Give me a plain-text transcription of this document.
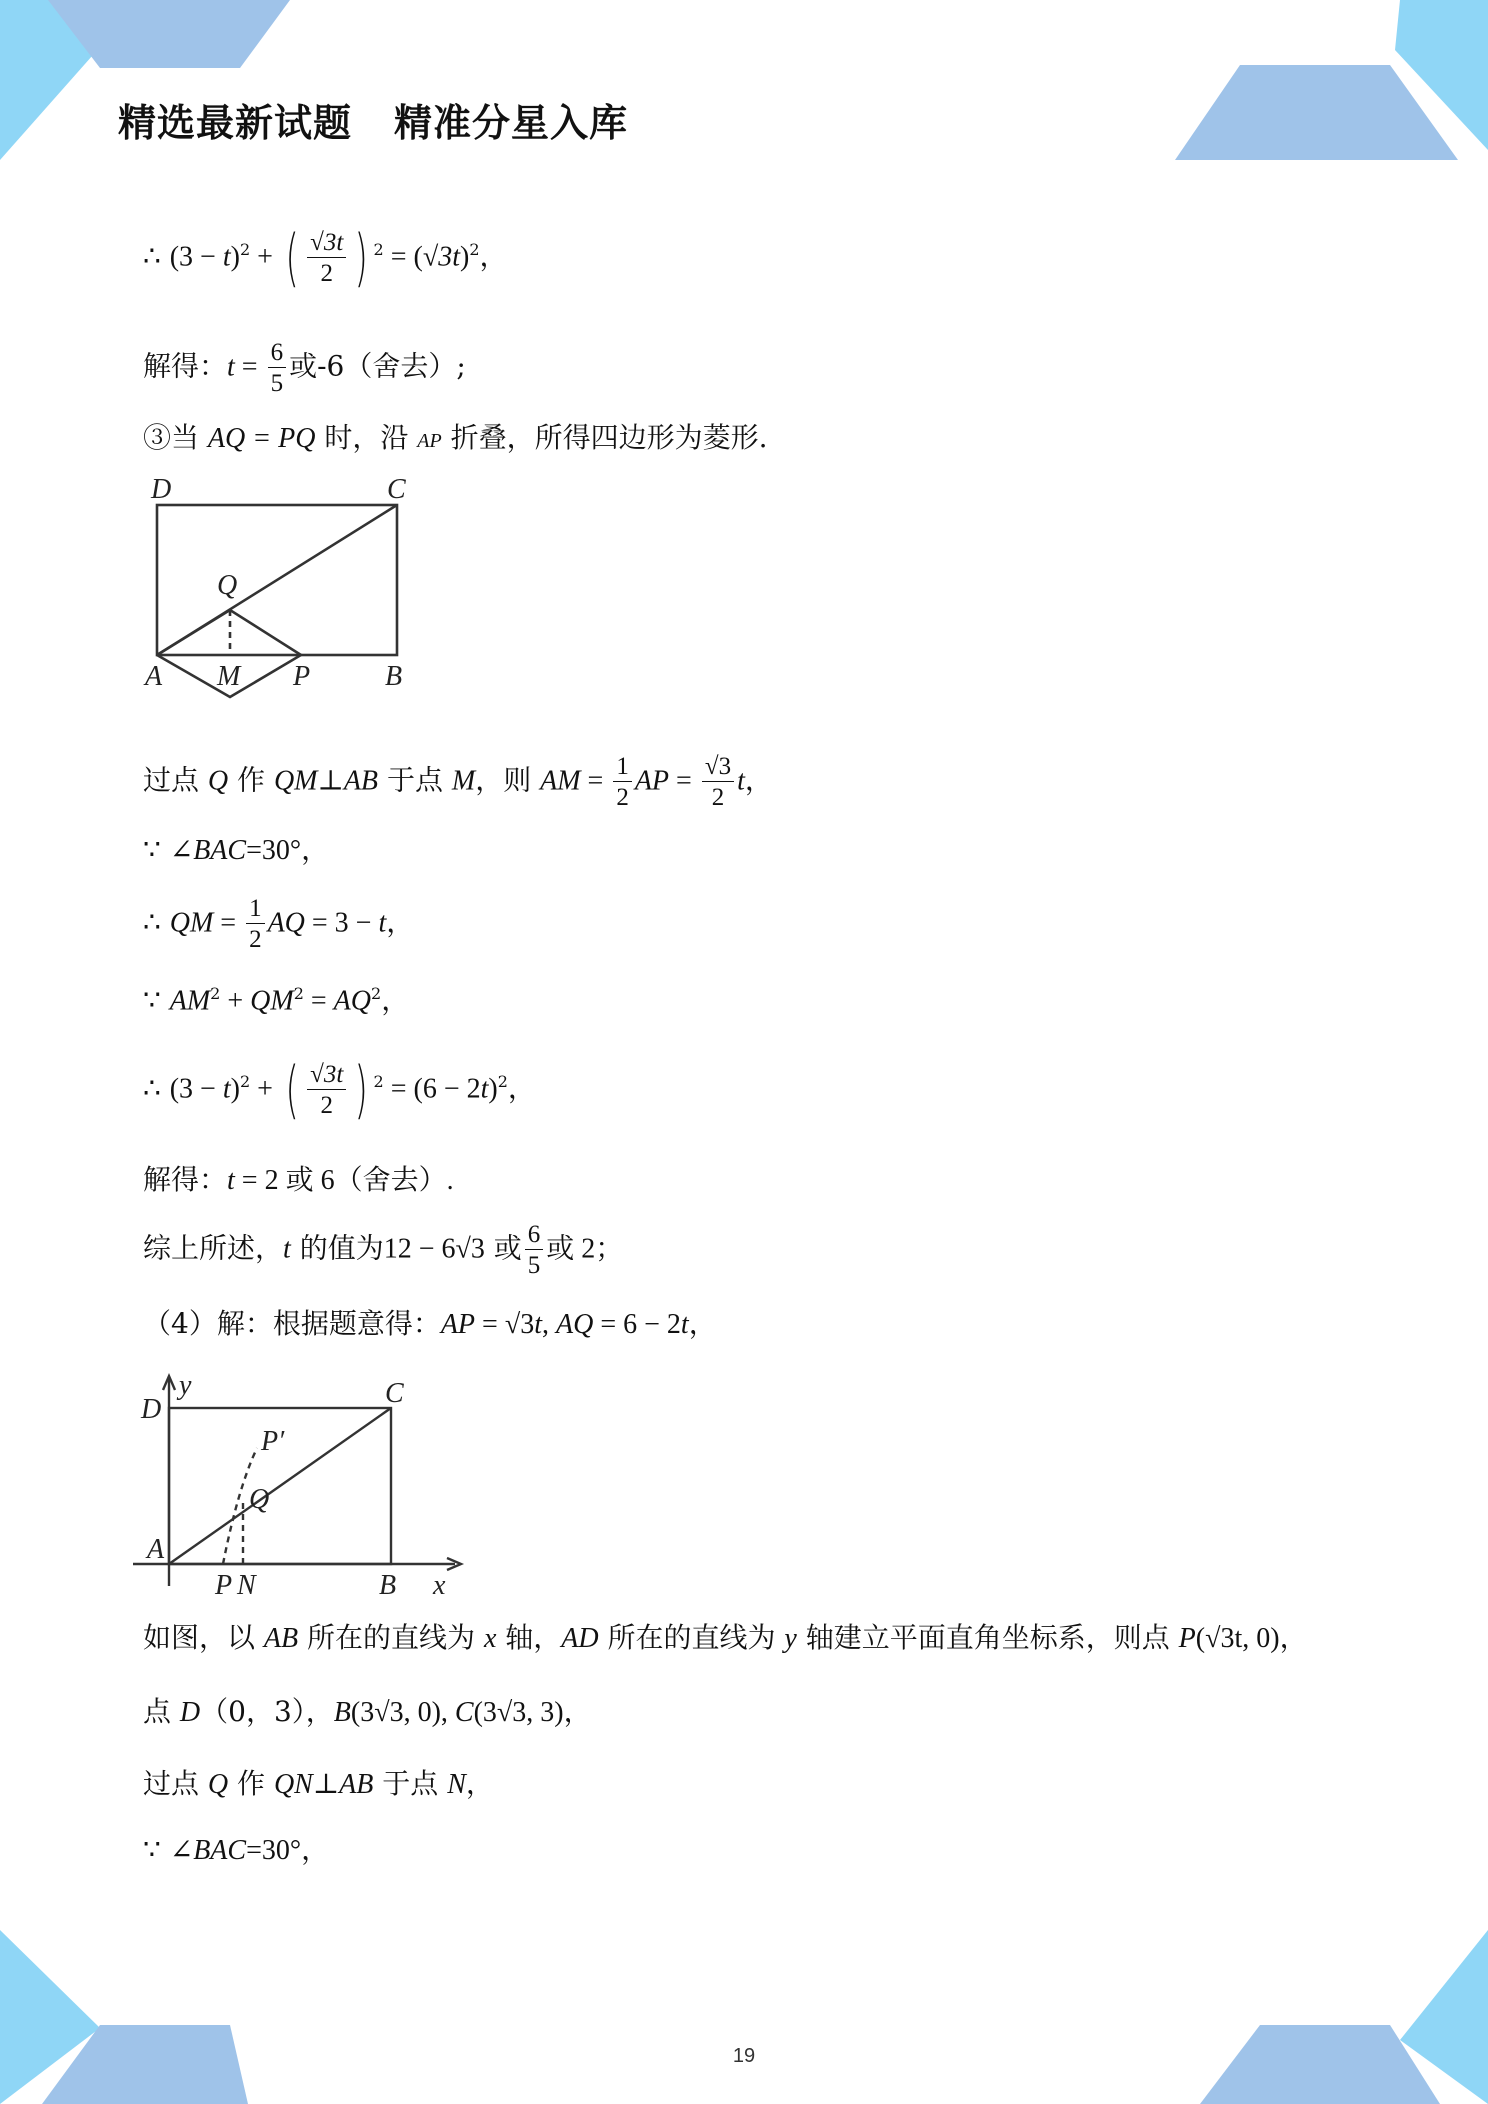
精选最新试题 精准分星入库
∴ $(3 - t)^2$ + ( $\frac{√3t}{2}$ ) $^2 = (√3t)^2$，
解得：$t = \frac{6}{5}$ 或-6（舍去）;
③当 AQ = PQ 时，沿 AP 折叠，所得四边形为菱形.
D	C
Q
A M P	B
过点 Q 作 QM⊥AB 于点 M，则 AM = $\frac{1}{2}$ AP = $\frac{√3}{2}$ t，
∵ ∠BAC=30°，
∴ QM = $\frac{1}{2}$ AQ = 3 − t，
∵ $AM^2 + QM^2 = AQ^2$，
∴ $(3 - t)^2$ + ( $\frac{√3t}{2}$ ) $^2 = (6 - 2t)^2$，
解得：t = 2 或 6（舍去）.
综上所述，t 的值为12 − 6√3 或 $\frac{6}{5}$ 或 2；
（4）解：根据题意得：AP = √3t, AQ = 6 − 2t，
y
D
C
P′
Q
A
P N	B x
如图，以 AB 所在的直线为 x 轴，AD 所在的直线为 y 轴建立平面直角坐标系，则点 P(√3t, 0)，
点 D（0，3），B(3√3, 0), C(3√3, 3)，
过点 Q 作 QN⊥AB 于点 N，
∵ ∠BAC=30°，
19
